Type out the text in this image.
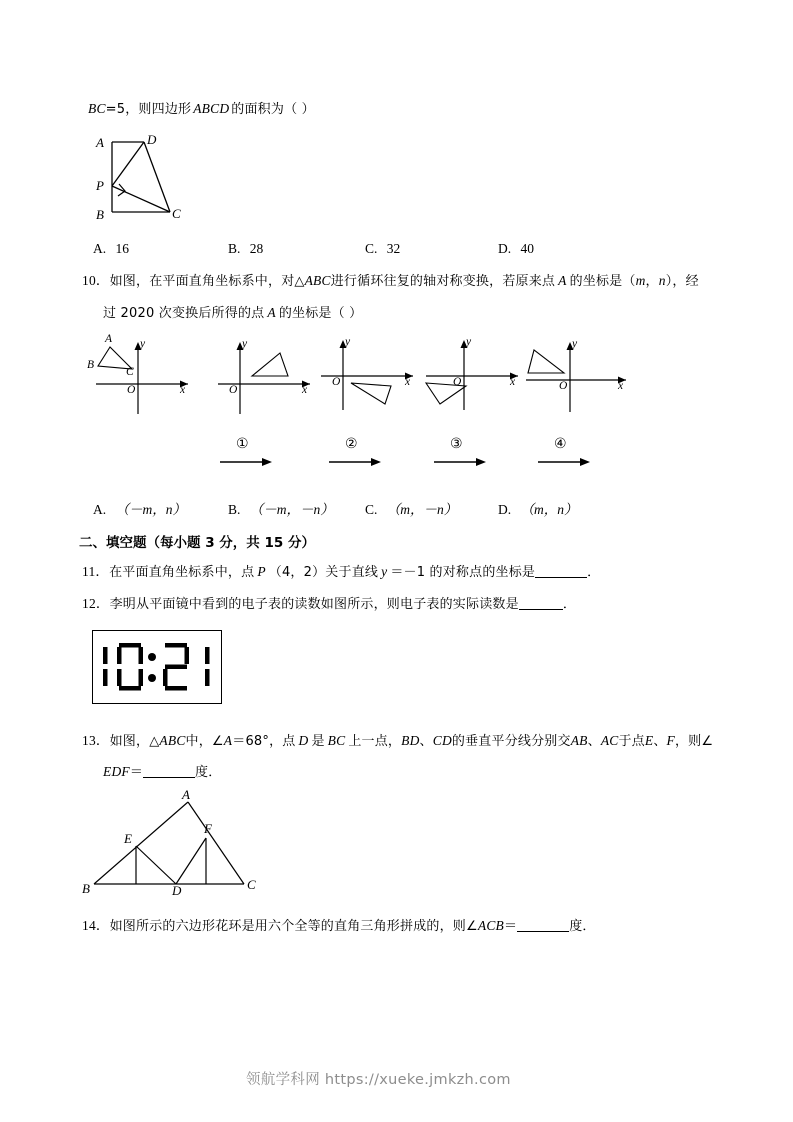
BC=5，则四边形 ABCD 的面积为（ ）
A	D
P
B	C
A. 16	B. 28	C. 32	D. 40
10．如图，在平面直角坐标系中，对△ABC进行循环往复的轴对称变换，若原来点 A 的坐标是（m，n），经
过 2020 次变换后所得的点 A 的坐标是（ ）
A
B
C
O	x
y
O	x
y
O	x
y
O	x
y
O	x
y
①	②	③	④
A. （－m，n）	B. （－m，－n） C. （m，－n）	D. （m，n）
二、填空题（每小题 3 分，共 15 分）
11．在平面直角坐标系中，点 P （4，2）关于直线 y ＝－1 的对称点的坐标是	．
12．李明从平面镜中看到的电子表的读数如图所示，则电子表的实际读数是	．
13．如图，△ABC中，∠A＝68°，点 D 是 BC 上一点，BD、CD的垂直平分线分别交AB、AC于点E、F，则∠
EDF＝	度．
A
E
F
B	D	C
14．如图所示的六边形花环是用六个全等的直角三角形拼成的，则∠ACB＝	度．
领航学科网 https://xueke.jmkzh.com
